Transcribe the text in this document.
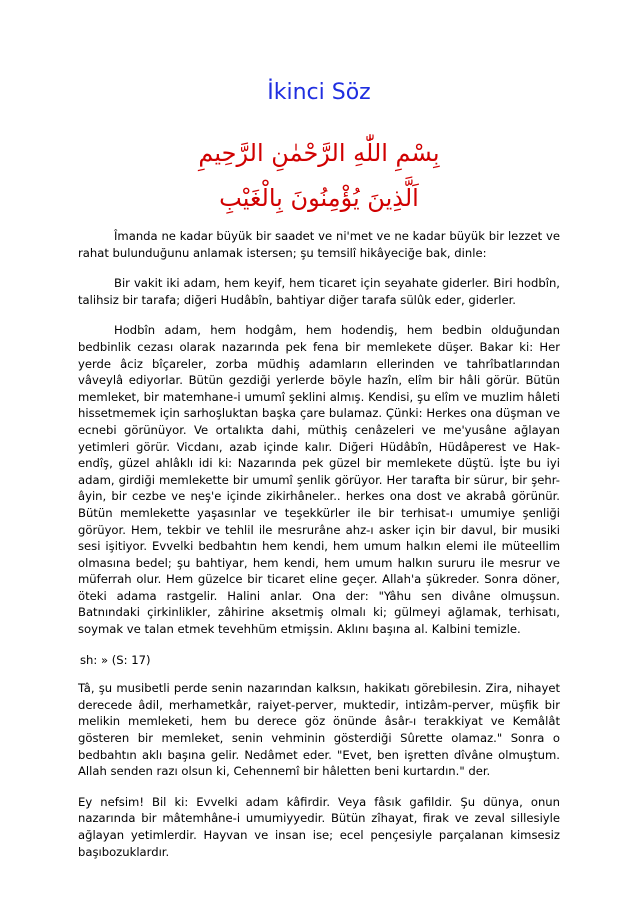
İkinci Söz
بِسْمِ اللّٰهِ الرَّحْمٰنِ الرَّحِيمِ
اَلَّذِينَ يُؤْمِنُونَ بِالْغَيْبِ

Îmanda ne kadar büyük bir saadet ve ni'met ve ne kadar büyük bir lezzet ve rahat bulunduğunu anlamak istersen; şu temsilî hikâyeciğe bak, dinle:

Bir vakit iki adam, hem keyif, hem ticaret için seyahate giderler. Biri hodbîn, talihsiz bir tarafa; diğeri Hudâbîn, bahtiyar diğer tarafa sülûk eder, giderler.

Hodbîn adam, hem hodgâm, hem hodendiş, hem bedbin olduğundan bedbinlik cezası olarak nazarında pek fena bir memlekete düşer. Bakar ki: Her yerde âciz bîçareler, zorba müdhiş adamların ellerinden ve tahrîbatlarından vâveylâ ediyorlar. Bütün gezdiği yerlerde böyle hazîn, elîm bir hâli görür. Bütün memleket, bir matemhane-i umumî şeklini almış. Kendisi, şu elîm ve muzlim hâleti hissetmemek için sarhoşluktan başka çare bulamaz. Çünki: Herkes ona düşman ve ecnebi görünüyor. Ve ortalıkta dahi, müthiş cenâzeleri ve me'yusâne ağlayan yetimleri görür. Vicdanı, azab içinde kalır. Diğeri Hüdâbîn, Hüdâperest ve Hak-endîş, güzel ahlâklı idi ki: Nazarında pek güzel bir memlekete düştü. İşte bu iyi adam, girdiği memlekette bir umumî şenlik görüyor. Her tarafta bir sürur, bir şehr-âyin, bir cezbe ve neş'e içinde zikirhâneler.. herkes ona dost ve akrabâ görünür. Bütün memlekette yaşasınlar ve teşekkürler ile bir terhisat-ı umumiye şenliği görüyor. Hem, tekbir ve tehlil ile mesrurâne ahz-ı asker için bir davul, bir musiki sesi işitiyor. Evvelki bedbahtın hem kendi, hem umum halkın elemi ile müteellim olmasına bedel; şu bahtiyar, hem kendi, hem umum halkın sururu ile mesrur ve müferrah olur. Hem güzelce bir ticaret eline geçer. Allah'a şükreder. Sonra döner, öteki adama rastgelir. Halini anlar. Ona der: "Yâhu sen divâne olmuşsun. Batnındaki çirkinlikler, zâhirine aksetmiş olmalı ki; gülmeyi ağlamak, terhisatı, soymak ve talan etmek tevehhüm etmişsin. Aklını başına al. Kalbini temizle.

sh: » (S: 17)

Tâ, şu musibetli perde senin nazarından kalksın, hakikatı görebilesin. Zira, nihayet derecede âdil, merhametkâr, raiyet-perver, muktedir, intizâm-perver, müşfik bir melikin memleketi, hem bu derece göz önünde âsâr-ı terakkiyat ve Kemâlât gösteren bir memleket, senin vehminin gösterdiği Sûrette olamaz." Sonra o bedbahtın aklı başına gelir. Nedâmet eder. "Evet, ben işretten dîvâne olmuştum. Allah senden razı olsun ki, Cehennemî bir hâletten beni kurtardın." der.

Ey nefsim! Bil ki: Evvelki adam kâfirdir. Veya fâsık gafildir. Şu dünya, onun nazarında bir mâtemhâne-i umumiyyedir. Bütün zîhayat, firak ve zeval sillesiyle ağlayan yetimlerdir. Hayvan ve insan ise; ecel pençesiyle parçalanan kimsesiz başıbozuklardır.
